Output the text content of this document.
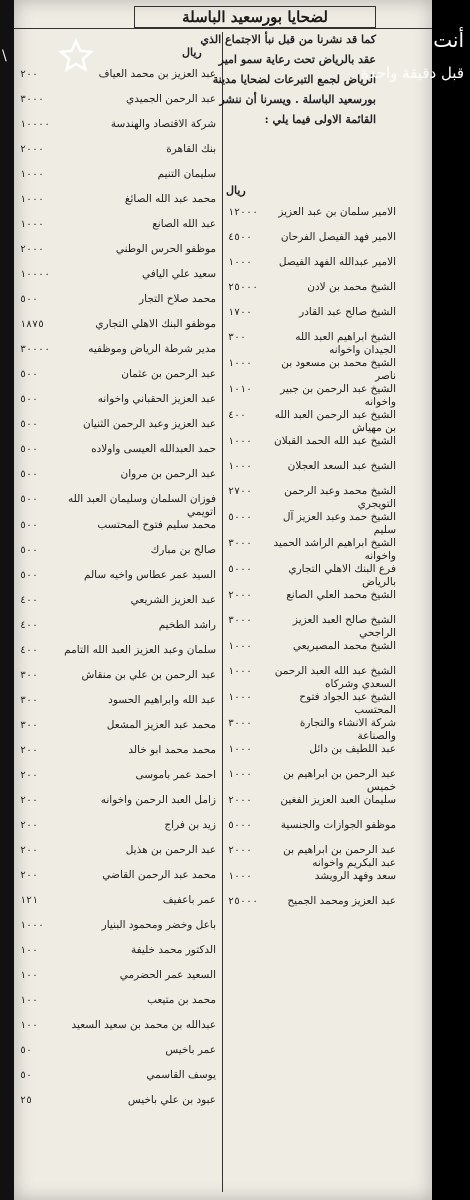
\
لضحايا بورسعيد الباسلة
ريال
ريال
كما قد نشرنا من قبل نبأ الاجتماع الذي عقد بالرياض تحت رعاية سمو امير الرياض لجمع التبرعات لضحايا مدينة بورسعيد الباسلة . ويسرنا أن ننشر القائمة الاولى فيما يلي :
عبد العزيز بن محمد العياف
٢٠٠
عبد الرحمن الجميدي
٣٠٠٠
شركة الاقتصاد والهندسة
١٠٠٠٠
بنك القاهرة
٢٠٠٠
سليمان التنيم
١٠٠٠
محمد عبد الله الصائغ
١٠٠٠
عبد الله الصانع
١٠٠٠
موظفو الحرس الوطني
٢٠٠٠
سعيد علي اليافي
١٠٠٠٠
محمد صلاح التجار
٥٠٠
موظفو البنك الاهلي التجاري
١٨٧٥
مدير شرطة الرياض وموظفيه
٣٠٠٠٠
عبد الرحمن بن عثمان
٥٠٠
عبد العزيز الحقباني واخوانه
٥٠٠
عبد العزيز وعبد الرحمن الثنيان
٥٠٠
حمد العبدالله العيسى واولاده
٥٠٠
عبد الرحمن بن مروان
٥٠٠
فوزان السلمان وسليمان العبد الله اتويمي
٥٠٠
محمد سليم فتوح المحتسب
٥٠٠
صالح بن مبارك
٥٠٠
السيد عمر عطاس واخيه سالم
٥٠٠
عبد العزيز الشريعي
٤٠٠
راشد الطخيم
٤٠٠
سلمان وعبد العزيز العبد الله التامم
٤٠٠
عبد الرحمن بن علي بن منقاش
٣٠٠
عبد الله وابراهيم الحسود
٣٠٠
محمد عبد العزيز المشعل
٣٠٠
محمد محمد ابو خالد
٢٠٠
احمد عمر باموسى
٢٠٠
زامل العبد الرحمن واخوانه
٢٠٠
زيد بن فراج
٢٠٠
عبد الرحمن بن هذيل
٢٠٠
محمد عبد الرحمن القاضي
٢٠٠
عمر باعفيف
١٢١
باعل وخضر ومحمود البنيار
١٠٠٠
الدكتور محمد خليفة
١٠٠
السعيد عمر الحضرمي
١٠٠
محمد بن متيعب
١٠٠
عبدالله بن محمد بن سعيد السعيد
١٠٠
عمر باخيس
٥٠
يوسف القاسمي
٥٠
عبود بن علي باخيس
٢٥
الامير سلمان بن عبد العزيز
١٢٠٠٠
الامير فهد الفيصل الفرحان
٤٥٠٠
الامير عبدالله الفهد الفيصل
١٠٠٠
الشيخ محمد بن لادن
٢٥٠٠٠
الشيخ صالح عبد القادر
١٧٠٠
الشيخ ابراهيم العبد الله الجيدان واخوانه
٣٠٠
الشيخ محمد بن مسعود بن ناصر
١٠٠٠
الشيخ عبد الرحمن بن جبير واخوانه
١٠١٠
الشيخ عبد الرحمن العبد الله بن مهياش
٤٠٠
الشيخ عبد الله الحمد القبلان
١٠٠٠
الشيخ عبد السعد العجلان
١٠٠٠
الشيخ محمد وعبد الرحمن التويجري
٢٧٠٠
الشيخ حمد وعبد العزيز آل سليم
٥٠٠٠
الشيخ ابراهيم الراشد الحميد واخوانه
٣٠٠٠
فرع البنك الاهلي التجاري بالرياض
٥٠٠٠
الشيخ محمد العلي الصانع
٢٠٠٠
الشيخ صالح العبد العزيز الراجحي
٣٠٠٠
الشيخ محمد المصيريعي
١٠٠٠
الشيخ عبد الله العبد الرحمن السعدي وشركاه
١٠٠٠
الشيخ عبد الجواد فتوح المحتسب
١٠٠٠
شركة الانشاء والتجارة والصناعة
٣٠٠٠
عبد اللطيف بن دائل
١٠٠٠
عبد الرحمن بن ابراهيم بن خميس
١٠٠٠
سليمان العبد العزيز الفغين
٢٠٠٠
موظفو الجوازات والجنسية
٥٠٠٠
عبد الرحمن بن ابراهيم بن عبد البكريم واخوانه
٢٠٠٠
سعد وفهد الرويشد
١٠٠٠
عبد العزيز ومحمد الجميح
٢٥٠٠٠
أنت
قبل دقيقة واحدة
